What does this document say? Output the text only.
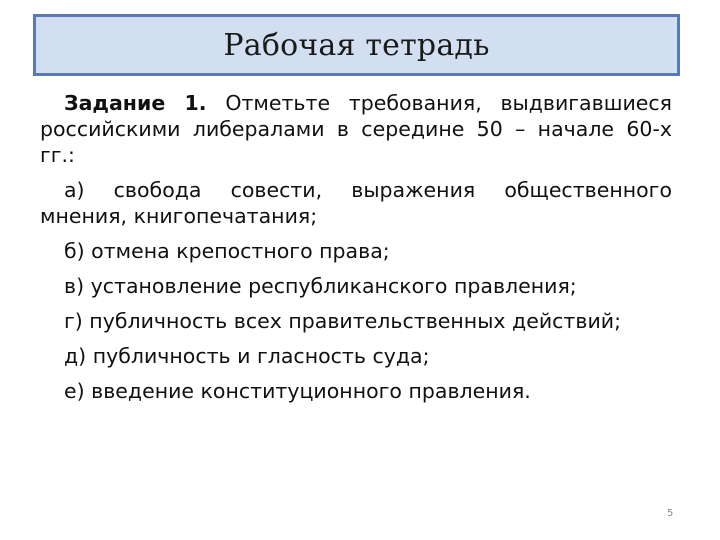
Рабочая тетрадь

Задание 1. Отметьте требования, выдвигавшиеся российскими либералами в середине 50 – начале 60-х гг.:

а) свобода совести, выражения общественного мнения, книгопечатания;

б) отмена крепостного права;

в) установление республиканского правления;

г) публичность всех правительственных действий;

д) публичность и гласность суда;

е) введение конституционного правления.

5
